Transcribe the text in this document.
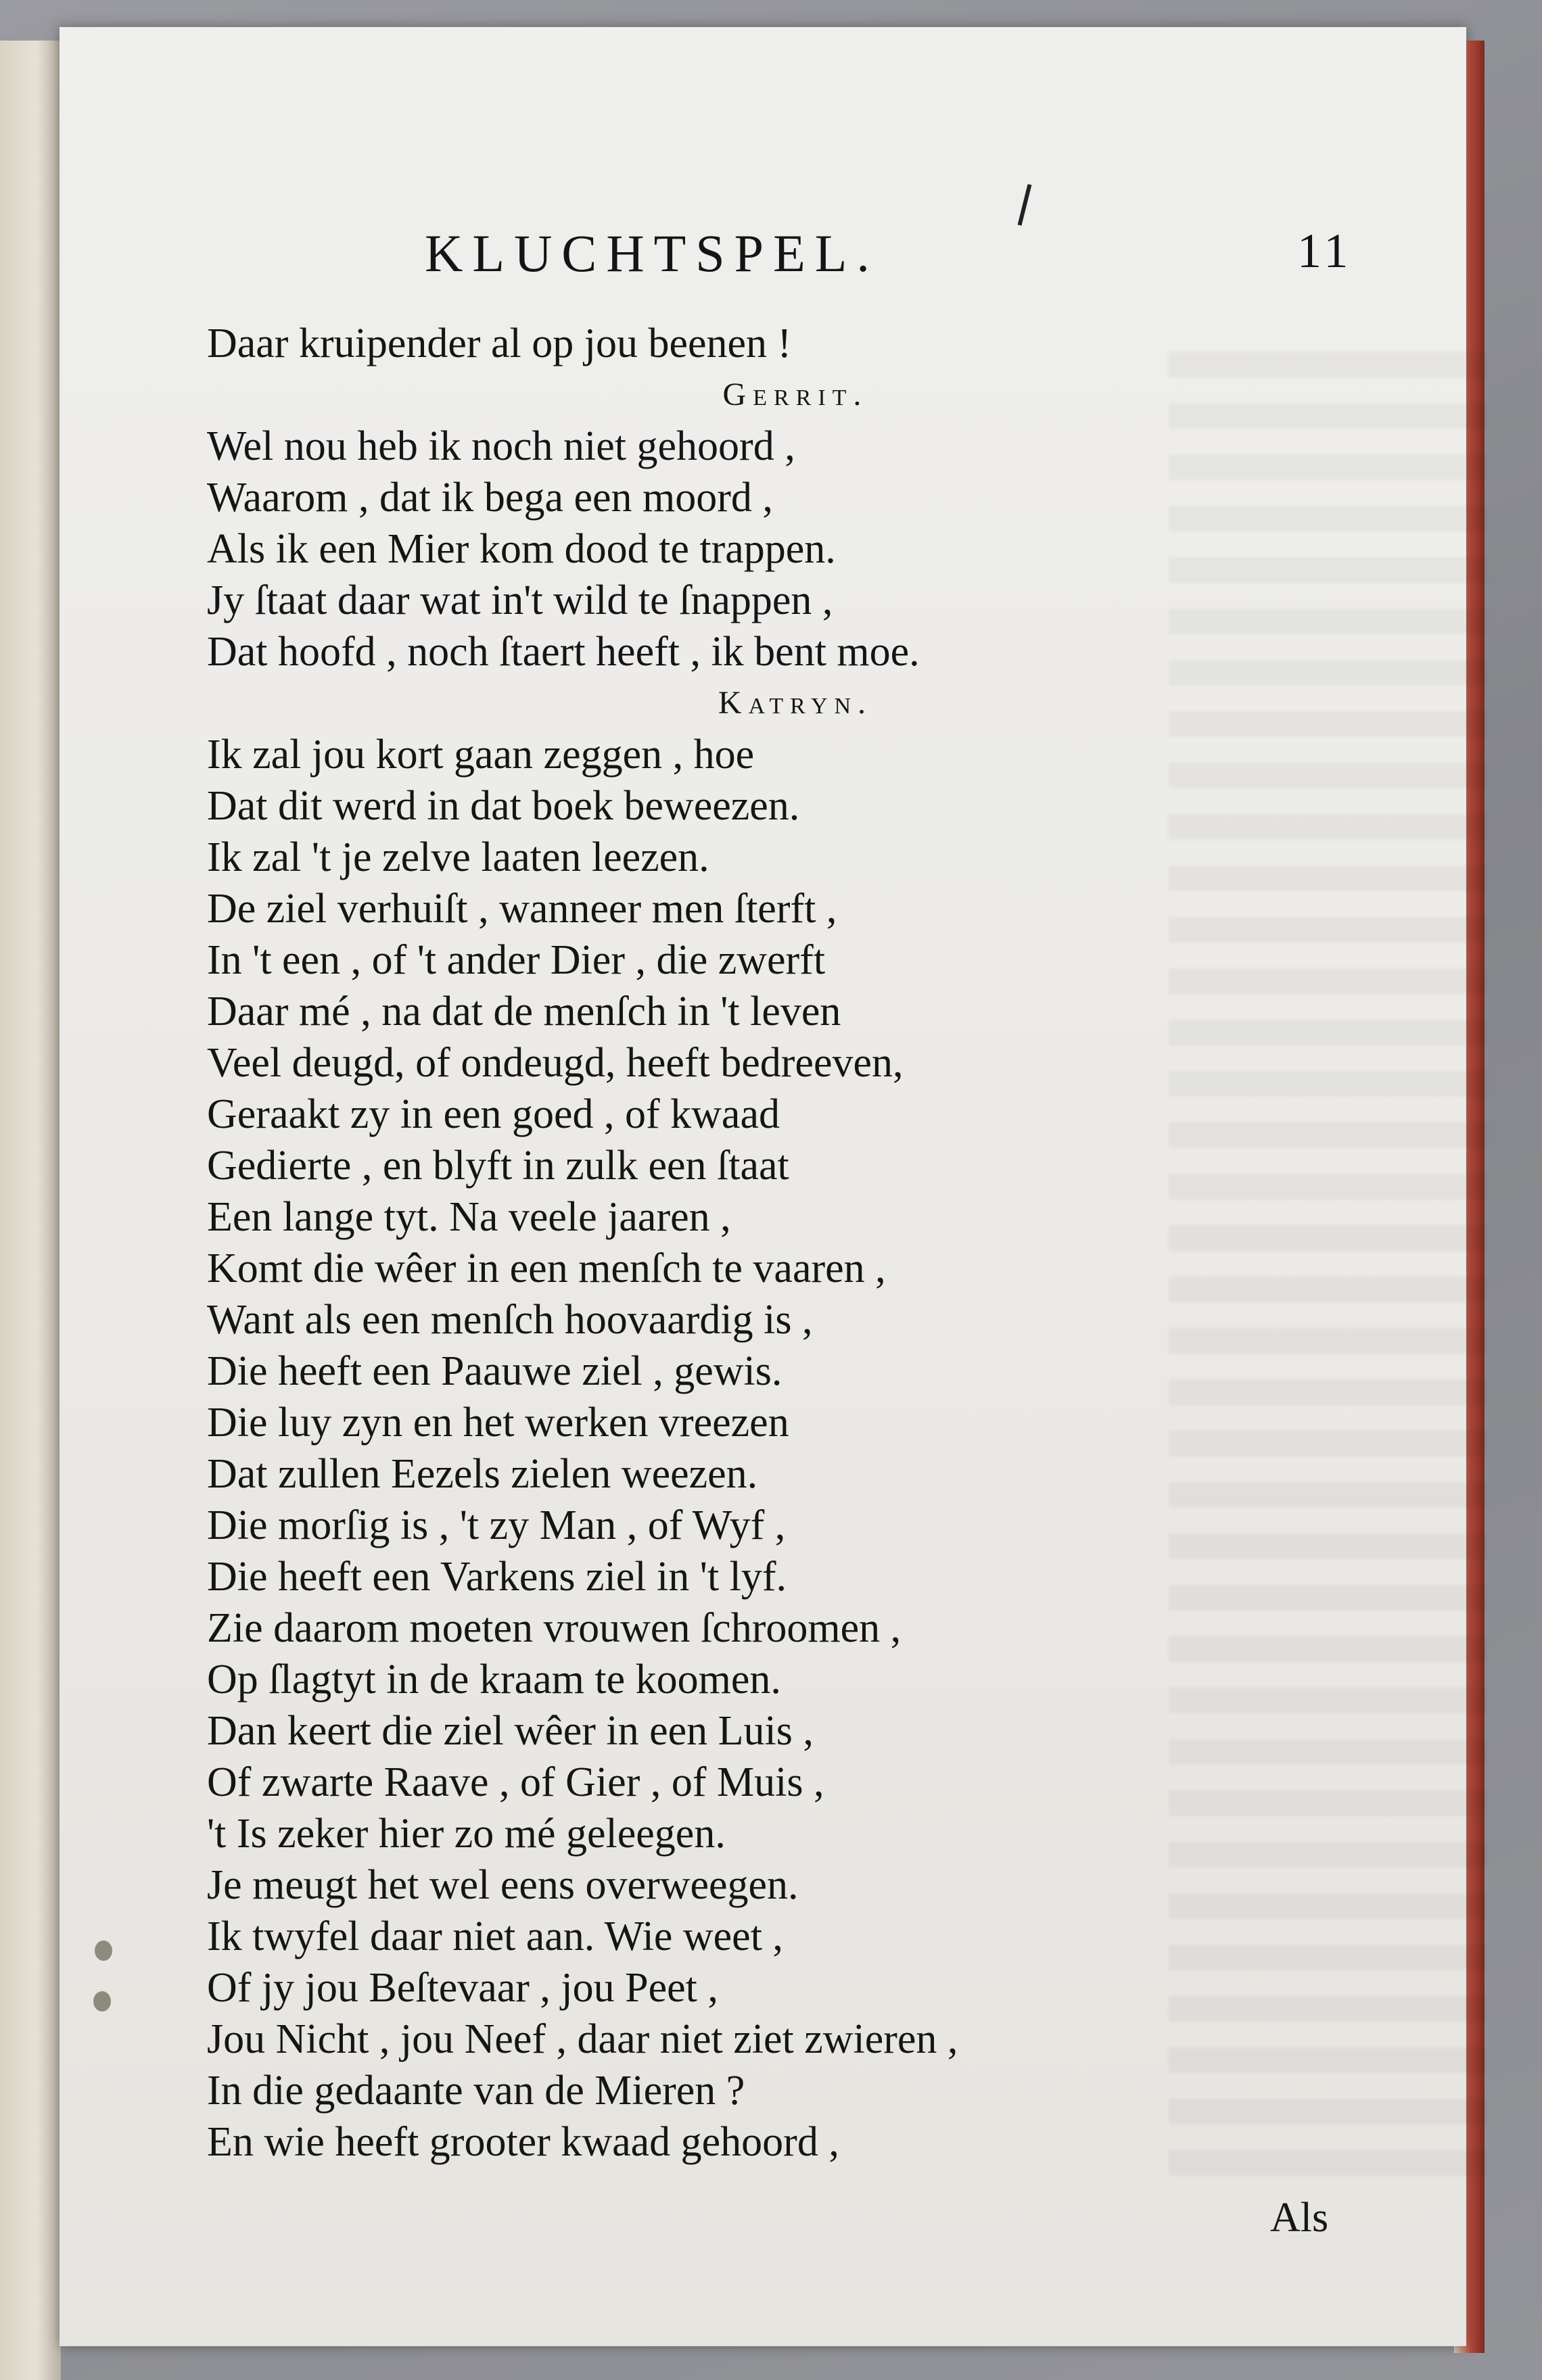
KLUCHTSPEL.	11
Daar kruipender al op jou beenen !
Gerrit.
Wel nou heb ik noch niet gehoord ,
Waarom , dat ik bega een moord ,
Als ik een Mier kom dood te trappen.
Jy ſtaat daar wat in't wild te ſnappen ,
Dat hoofd , noch ſtaert heeft , ik bent moe.
Katryn.
Ik zal jou kort gaan zeggen , hoe
Dat dit werd in dat boek beweezen.
Ik zal 't je zelve laaten leezen.
De ziel verhuiſt , wanneer men ſterft ,
In 't een , of 't ander Dier , die zwerft
Daar mé , na dat de menſch in 't leven
Veel deugd, of ondeugd, heeft bedreeven,
Geraakt zy in een goed , of kwaad
Gedierte , en blyft in zulk een ſtaat
Een lange tyt. Na veele jaaren ,
Komt die wêer in een menſch te vaaren ,
Want als een menſch hoovaardig is ,
Die heeft een Paauwe ziel , gewis.
Die luy zyn en het werken vreezen
Dat zullen Eezels zielen weezen.
Die morſig is , 't zy Man , of Wyf ,
Die heeft een Varkens ziel in 't lyf.
Zie daarom moeten vrouwen ſchroomen ,
Op ſlagtyt in de kraam te koomen.
Dan keert die ziel wêer in een Luis ,
Of zwarte Raave , of Gier , of Muis ,
't Is zeker hier zo mé geleegen.
Je meugt het wel eens overweegen.
Ik twyfel daar niet aan. Wie weet ,
Of jy jou Beſtevaar , jou Peet ,
Jou Nicht , jou Neef , daar niet ziet zwieren ,
In die gedaante van de Mieren ?
En wie heeft grooter kwaad gehoord ,
Als
